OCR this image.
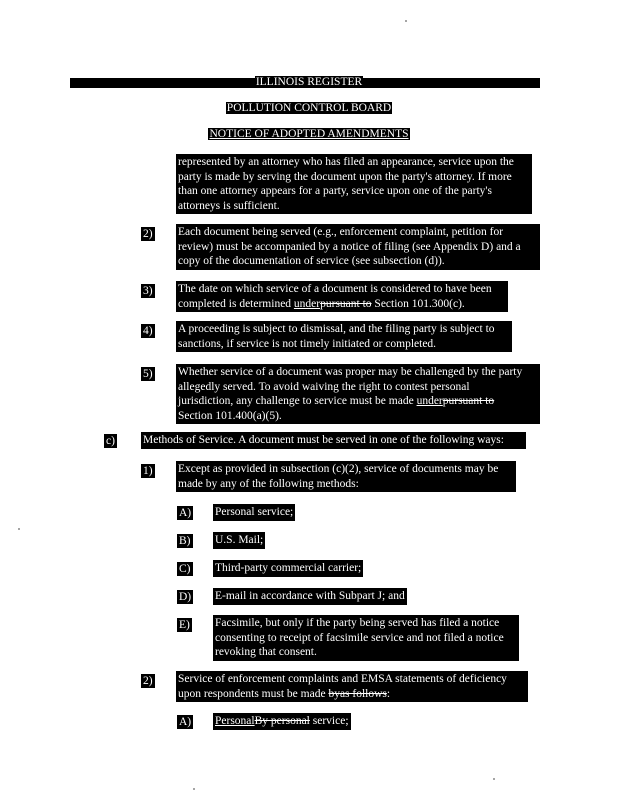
ILLINOIS REGISTER
POLLUTION CONTROL BOARD
NOTICE OF ADOPTED AMENDMENTS
represented by an attorney who has filed an appearance, service upon the
party is made by serving the document upon the party's attorney. If more
than one attorney appears for a party, service upon one of the party's
attorneys is sufficient.
2) Each document being served (e.g., enforcement complaint, petition for
review) must be accompanied by a notice of filing (see Appendix D) and a
copy of the documentation of service (see subsection (d)).
3) The date on which service of a document is considered to have been
completed is determined underpursuant to Section 101.300(c).
4) A proceeding is subject to dismissal, and the filing party is subject to
sanctions, if service is not timely initiated or completed.
5) Whether service of a document was proper may be challenged by the party
allegedly served. To avoid waiving the right to contest personal
jurisdiction, any challenge to service must be made underpursuant to
Section 101.400(a)(5).
c) Methods of Service. A document must be served in one of the following ways:
1) Except as provided in subsection (c)(2), service of documents may be
made by any of the following methods:
A) Personal service;
B) U.S. Mail;
C) Third-party commercial carrier;
D) E-mail in accordance with Subpart J; and
E) Facsimile, but only if the party being served has filed a notice
consenting to receipt of facsimile service and not filed a notice
revoking that consent.
2) Service of enforcement complaints and EMSA statements of deficiency
upon respondents must be made byas follows:
A) PersonalBy personal service;
